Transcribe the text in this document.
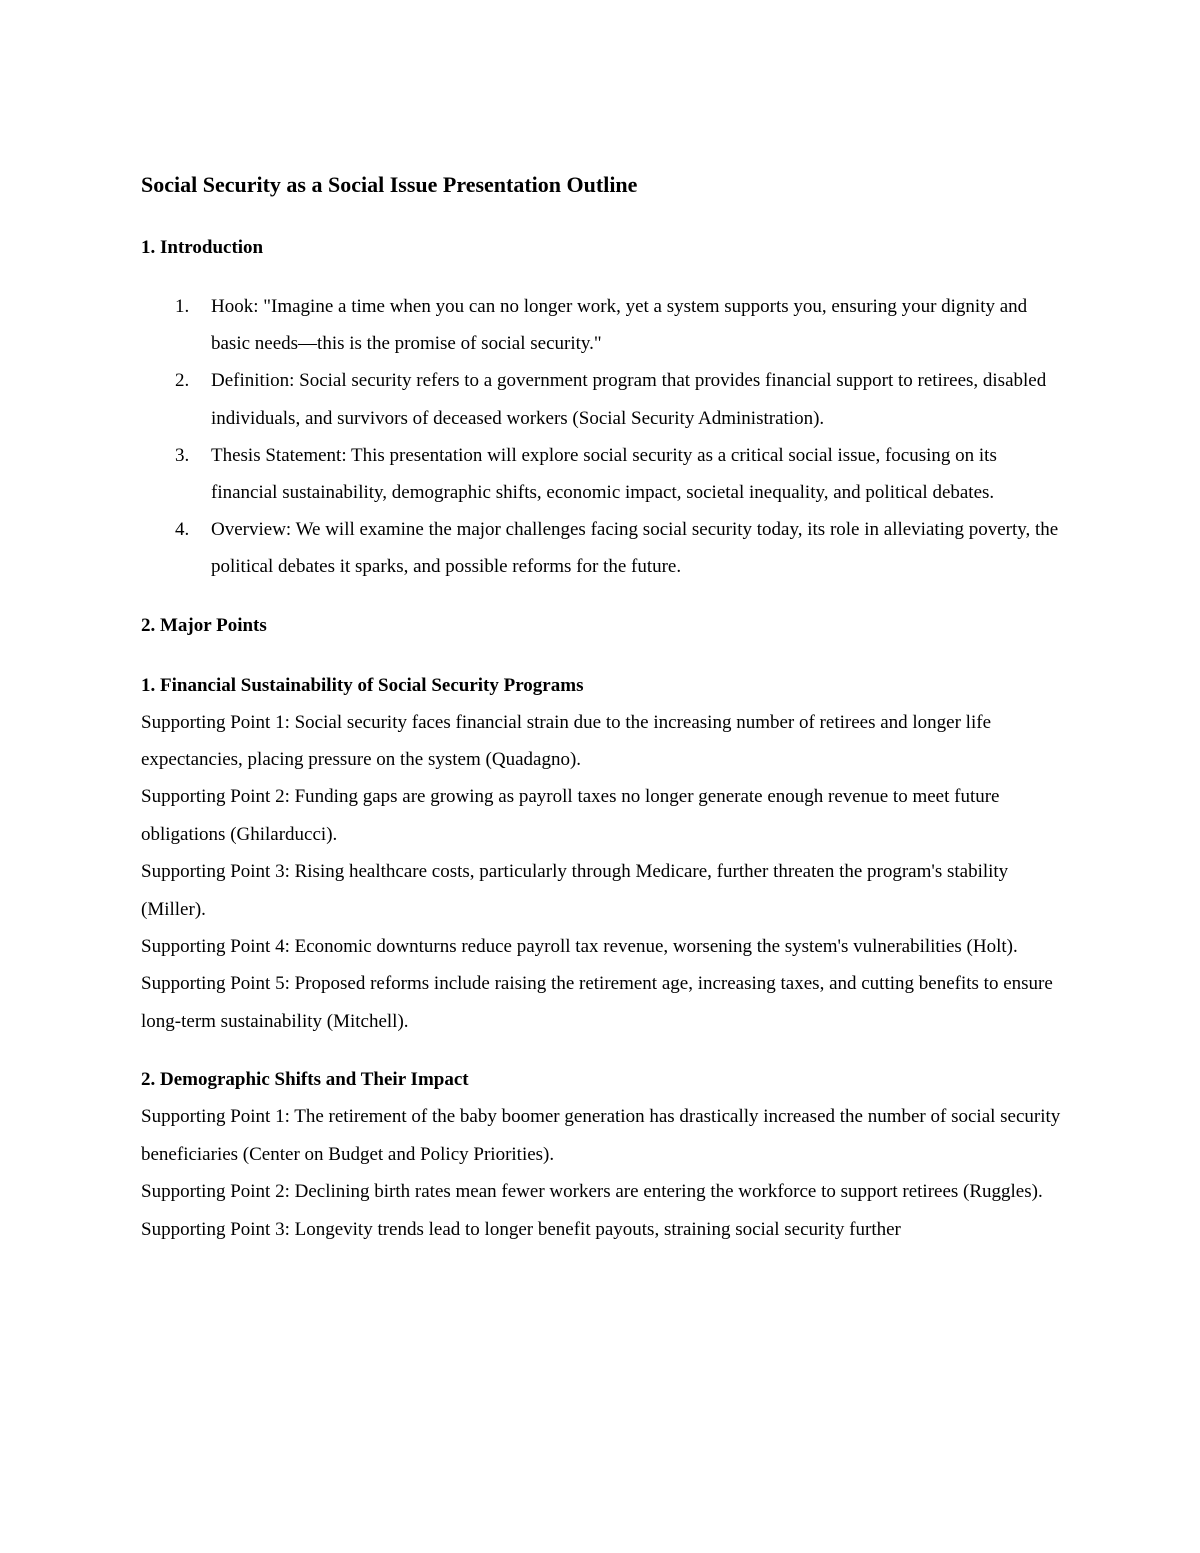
Social Security as a Social Issue Presentation Outline
1. Introduction
1. Hook: "Imagine a time when you can no longer work, yet a system supports you, ensuring your dignity and basic needs—this is the promise of social security."
2. Definition: Social security refers to a government program that provides financial support to retirees, disabled individuals, and survivors of deceased workers (Social Security Administration).
3. Thesis Statement: This presentation will explore social security as a critical social issue, focusing on its financial sustainability, demographic shifts, economic impact, societal inequality, and political debates.
4. Overview: We will examine the major challenges facing social security today, its role in alleviating poverty, the political debates it sparks, and possible reforms for the future.
2. Major Points
1. Financial Sustainability of Social Security Programs

Supporting Point 1: Social security faces financial strain due to the increasing number of retirees and longer life expectancies, placing pressure on the system (Quadagno).

Supporting Point 2: Funding gaps are growing as payroll taxes no longer generate enough revenue to meet future obligations (Ghilarducci).

Supporting Point 3: Rising healthcare costs, particularly through Medicare, further threaten the program's stability (Miller).

Supporting Point 4: Economic downturns reduce payroll tax revenue, worsening the system's vulnerabilities (Holt).

Supporting Point 5: Proposed reforms include raising the retirement age, increasing taxes, and cutting benefits to ensure long-term sustainability (Mitchell).

2. Demographic Shifts and Their Impact

Supporting Point 1: The retirement of the baby boomer generation has drastically increased the number of social security beneficiaries (Center on Budget and Policy Priorities).

Supporting Point 2: Declining birth rates mean fewer workers are entering the workforce to support retirees (Ruggles).

Supporting Point 3: Longevity trends lead to longer benefit payouts, straining social security further
